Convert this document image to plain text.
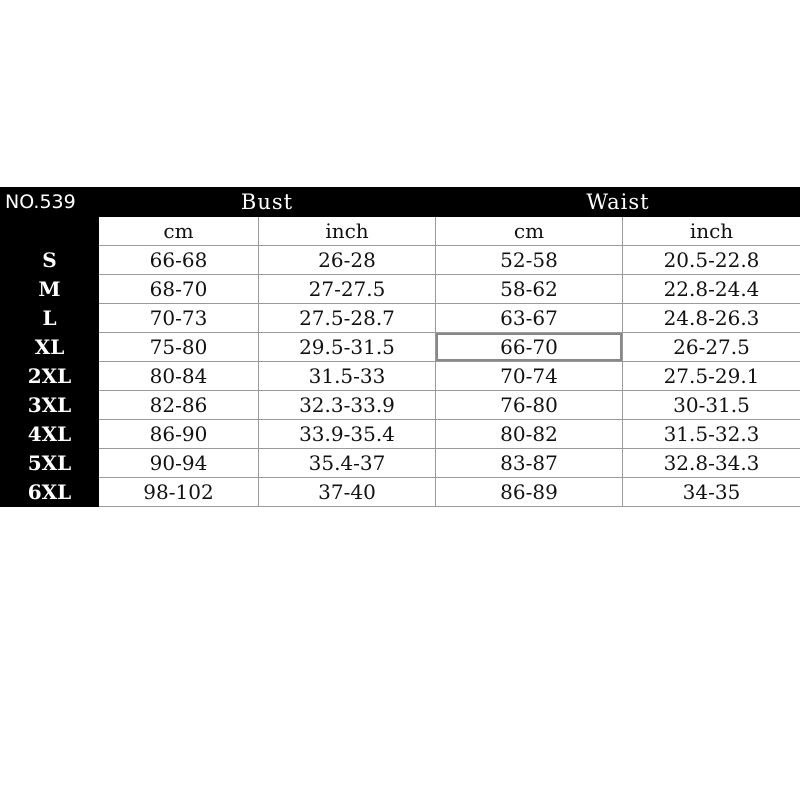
NO.539	Bust		Waist	
	cm	inch	cm	inch
S	66-68	26-28	52-58	20.5-22.8
M	68-70	27-27.5	58-62	22.8-24.4
L	70-73	27.5-28.7	63-67	24.8-26.3
XL	75-80	29.5-31.5	66-70	26-27.5
2XL	80-84	31.5-33	70-74	27.5-29.1
3XL	82-86	32.3-33.9	76-80	30-31.5
4XL	86-90	33.9-35.4	80-82	31.5-32.3
5XL	90-94	35.4-37	83-87	32.8-34.3
6XL	98-102	37-40	86-89	34-35
